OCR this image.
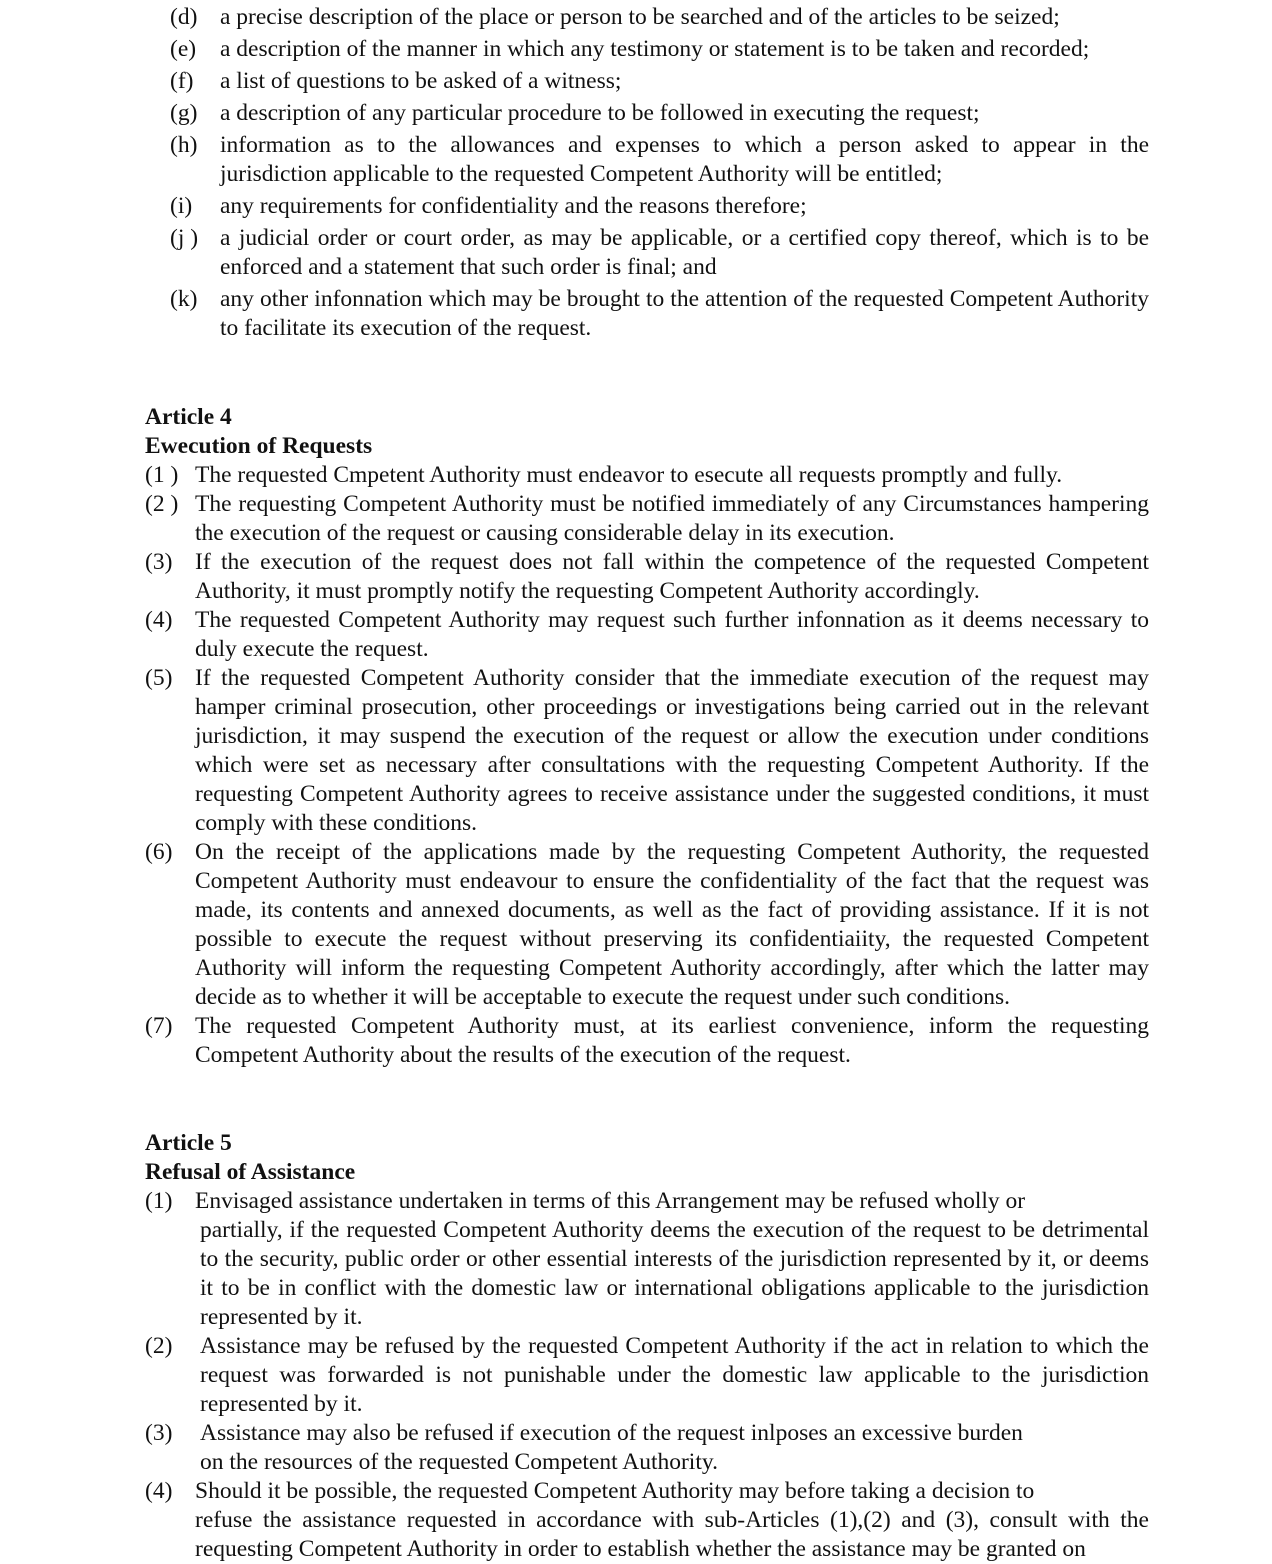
(d) a precise description of the place or person to be searched and of the articles to be seized;
(e) a description of the manner in which any testimony or statement is to be taken and recorded;
(f) a list of questions to be asked of a witness;
(g) a description of any particular procedure to be followed in executing the request;
(h) information as to the allowances and expenses to which a person asked to appear in the jurisdiction applicable to the requested Competent Authority will be entitled;
(i) any requirements for confidentiality and the reasons therefore;
(j ) a judicial order or court order, as may be applicable, or a certified copy thereof, which is to be enforced and a statement that such order is final; and
(k) any other infonnation which may be brought to the attention of the requested Competent Authority to facilitate its execution of the request.
Article 4
Ewecution of Requests
(1 ) The requested Cmpetent Authority must endeavor to esecute all requests promptly and fully.
(2 ) The requesting Competent Authority must be notified immediately of any Circumstances hampering the execution of the request or causing considerable delay in its execution.
(3) If the execution of the request does not fall within the competence of the requested Competent Authority, it must promptly notify the requesting Competent Authority accordingly.
(4) The requested Competent Authority may request such further infonnation as it deems necessary to duly execute the request.
(5) If the requested Competent Authority consider that the immediate execution of the request may hamper criminal prosecution, other proceedings or investigations being carried out in the relevant jurisdiction, it may suspend the execution of the request or allow the execution under conditions which were set as necessary after consultations with the requesting Competent Authority. If the requesting Competent Authority agrees to receive assistance under the suggested conditions, it must comply with these conditions.
(6) On the receipt of the applications made by the requesting Competent Authority, the requested Competent Authority must endeavour to ensure the confidentiality of the fact that the request was made, its contents and annexed documents, as well as the fact of providing assistance. If it is not possible to execute the request without preserving its confidentiaiity, the requested Competent Authority will inform the requesting Competent Authority accordingly, after which the latter may decide as to whether it will be acceptable to execute the request under such conditions.
(7) The requested Competent Authority must, at its earliest convenience, inform the requesting Competent Authority about the results of the execution of the request.
Article 5
Refusal of Assistance
(1) Envisaged assistance undertaken in terms of this Arrangement may be refused wholly or
partially, if the requested Competent Authority deems the execution of the request to be detrimental to the security, public order or other essential interests of the jurisdiction represented by it, or deems it to be in conflict with the domestic law or international obligations applicable to the jurisdiction represented by it.
(2) Assistance may be refused by the requested Competent Authority if the act in relation to which the request was forwarded is not punishable under the domestic law applicable to the jurisdiction represented by it.
(3) Assistance may also be refused if execution of the request inlposes an excessive burden
on the resources of the requested Competent Authority.
(4) Should it be possible, the requested Competent Authority may before taking a decision to
refuse the assistance requested in accordance with sub-Articles (1),(2) and (3), consult with the requesting Competent Authority in order to establish whether the assistance may be granted on
